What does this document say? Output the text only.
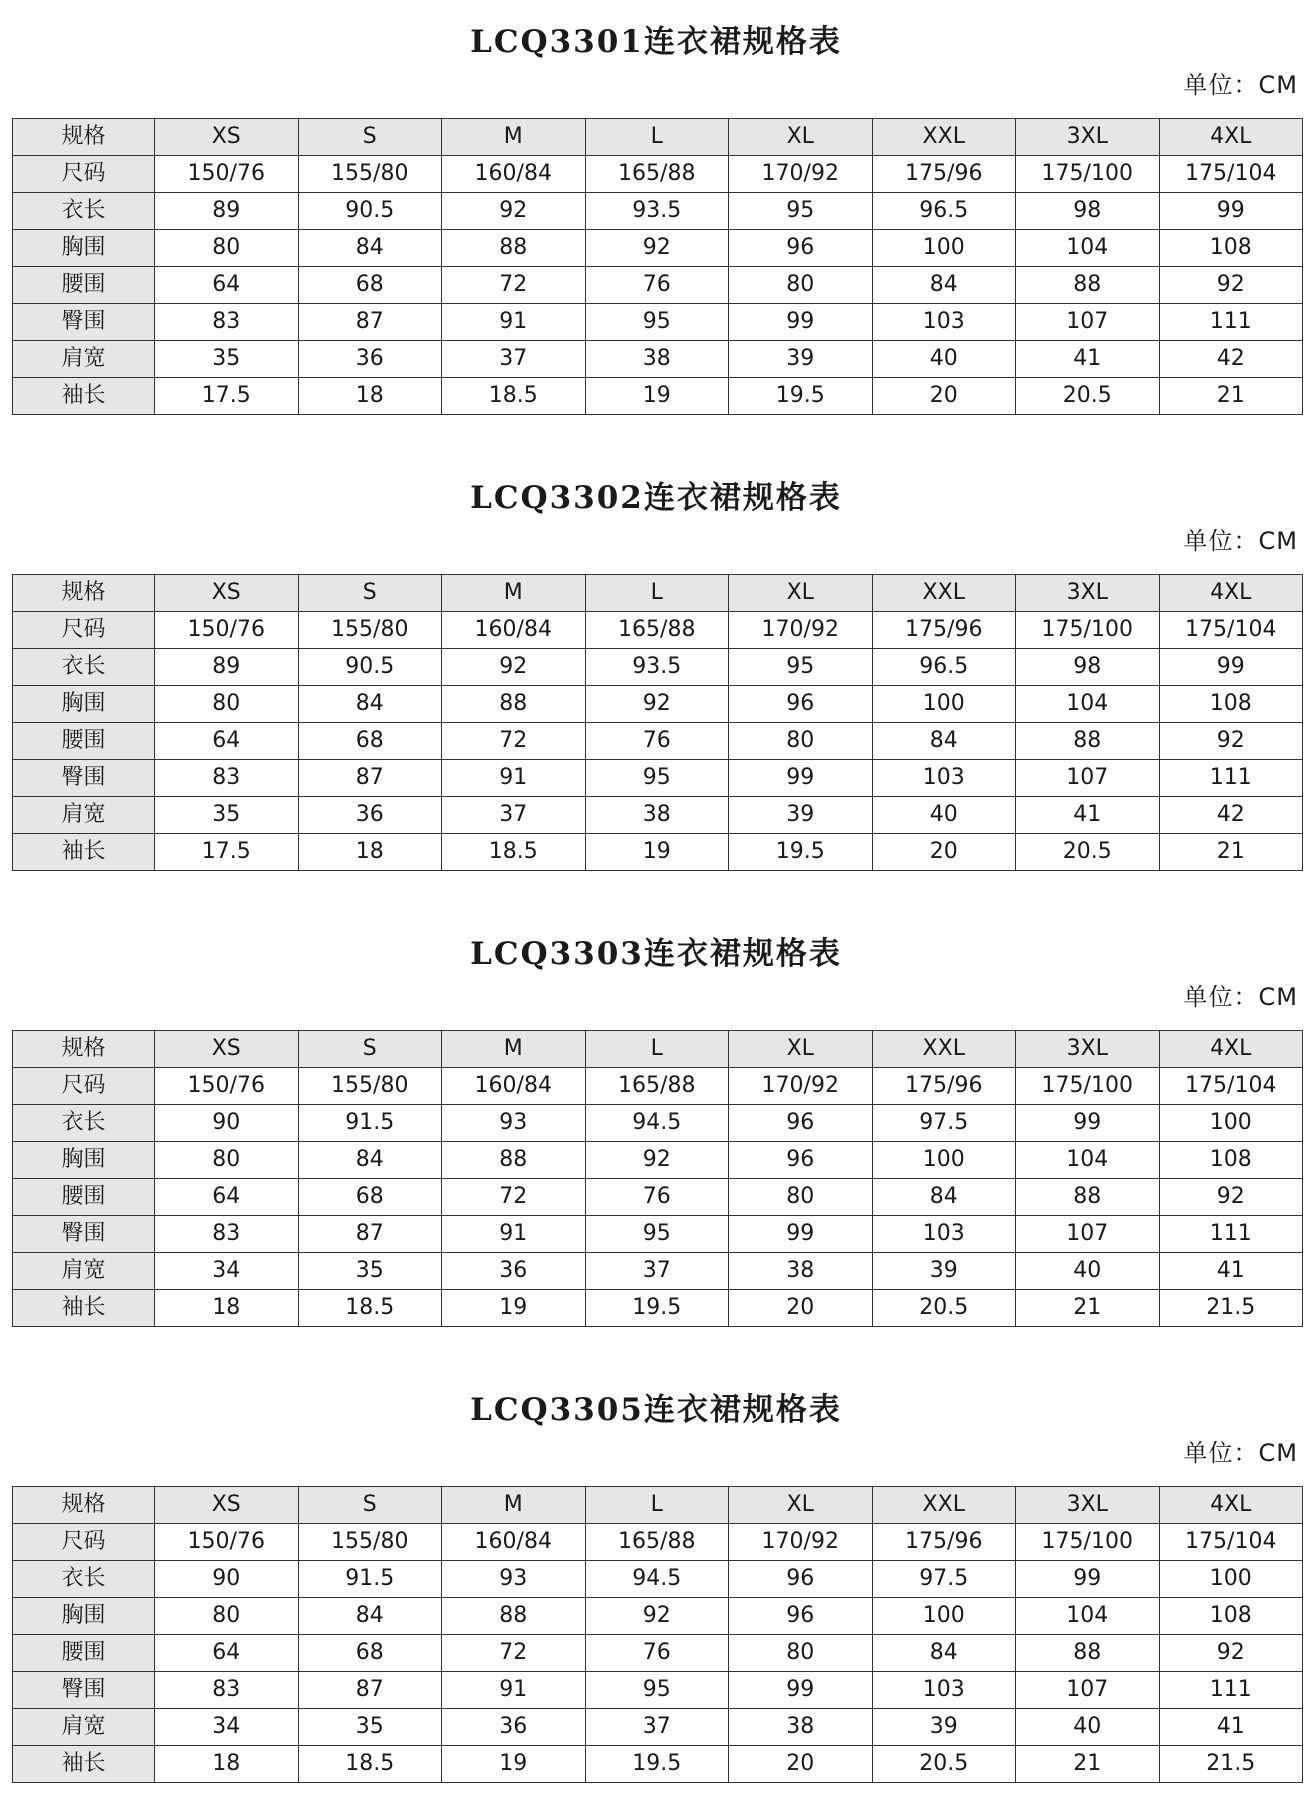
LCQ3301连衣裙规格表
单位：CM
规格	XS	S	M	L	XL	XXL	3XL	4XL
尺码	150/76	155/80	160/84	165/88	170/92	175/96	175/100	175/104
衣长	89	90.5	92	93.5	95	96.5	98	99
胸围	80	84	88	92	96	100	104	108
腰围	64	68	72	76	80	84	88	92
臀围	83	87	91	95	99	103	107	111
肩宽	35	36	37	38	39	40	41	42
袖长	17.5	18	18.5	19	19.5	20	20.5	21
LCQ3302连衣裙规格表
单位：CM
规格	XS	S	M	L	XL	XXL	3XL	4XL
尺码	150/76	155/80	160/84	165/88	170/92	175/96	175/100	175/104
衣长	89	90.5	92	93.5	95	96.5	98	99
胸围	80	84	88	92	96	100	104	108
腰围	64	68	72	76	80	84	88	92
臀围	83	87	91	95	99	103	107	111
肩宽	35	36	37	38	39	40	41	42
袖长	17.5	18	18.5	19	19.5	20	20.5	21
LCQ3303连衣裙规格表
单位：CM
规格	XS	S	M	L	XL	XXL	3XL	4XL
尺码	150/76	155/80	160/84	165/88	170/92	175/96	175/100	175/104
衣长	90	91.5	93	94.5	96	97.5	99	100
胸围	80	84	88	92	96	100	104	108
腰围	64	68	72	76	80	84	88	92
臀围	83	87	91	95	99	103	107	111
肩宽	34	35	36	37	38	39	40	41
袖长	18	18.5	19	19.5	20	20.5	21	21.5
LCQ3305连衣裙规格表
单位：CM
规格	XS	S	M	L	XL	XXL	3XL	4XL
尺码	150/76	155/80	160/84	165/88	170/92	175/96	175/100	175/104
衣长	90	91.5	93	94.5	96	97.5	99	100
胸围	80	84	88	92	96	100	104	108
腰围	64	68	72	76	80	84	88	92
臀围	83	87	91	95	99	103	107	111
肩宽	34	35	36	37	38	39	40	41
袖长	18	18.5	19	19.5	20	20.5	21	21.5
